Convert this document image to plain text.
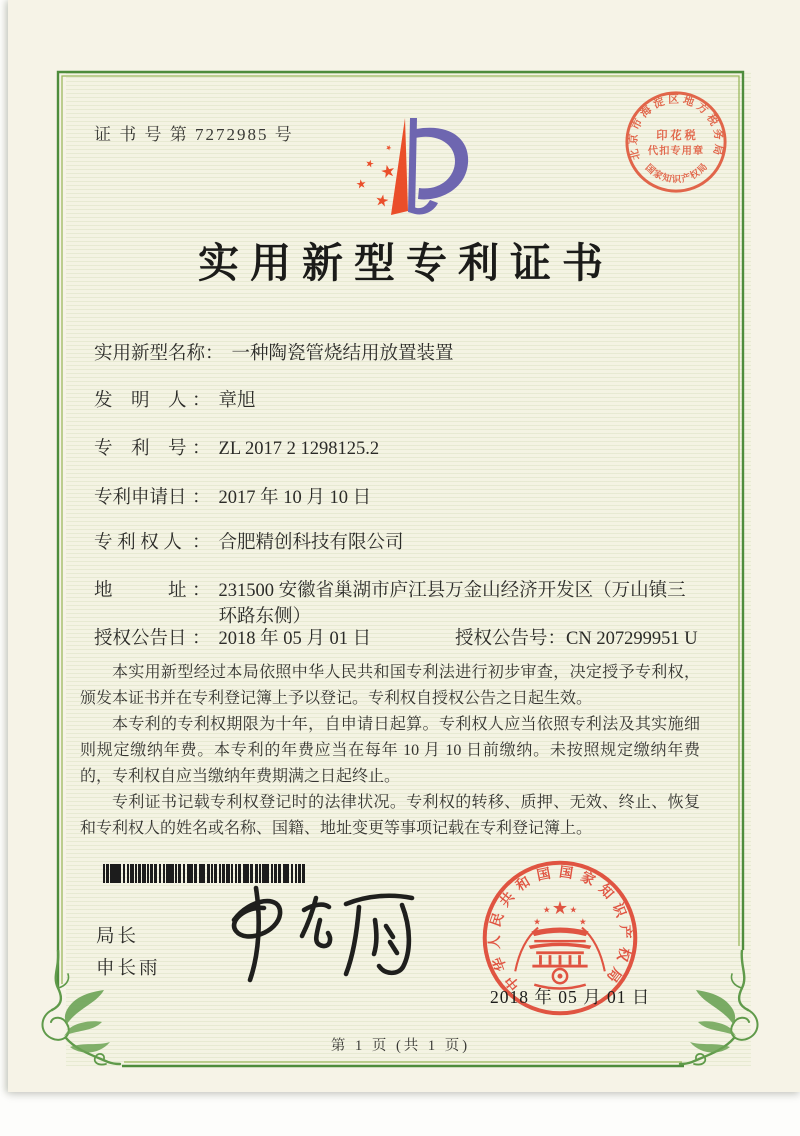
证 书 号 第 7272985 号
★
★
★
★
★	北京市海淀区地方税务局
国家知识产权局
印 花 税
代扣专用章
实用新型专利证书
实用新型名称： 一种陶瓷管烧结用放置装置
发　明　人 ： 章旭
专　利　号 ： ZL 2017 2 1298125.2
专利申请日 ： 2017 年 10 月 10 日
专 利 权 人 ： 合肥精创科技有限公司
地　　　址 ： 231500 安徽省巢湖市庐江县万金山经济开发区（万山镇三环路东侧）
授权公告日 ： 2018 年 05 月 01 日	授权公告号：CN 207299951 U

本实用新型经过本局依照中华人民共和国专利法进行初步审查，决定授予专利权，颁发本证书并在专利登记簿上予以登记。专利权自授权公告之日起生效。

本专利的专利权期限为十年，自申请日起算。专利权人应当依照专利法及其实施细则规定缴纳年费。本专利的年费应当在每年 10 月 10 日前缴纳。未按照规定缴纳年费的，专利权自应当缴纳年费期满之日起终止。

专利证书记载专利权登记时的法律状况。专利权的转移、质押、无效、终止、恢复和专利权人的姓名或名称、国籍、地址变更等事项记载在专利登记簿上。

局长
申长雨	中华人民共和国国家知识产权局
★
★
★ ★
★
2018 年 05 月 01 日
第 1 页 (共 1 页)
